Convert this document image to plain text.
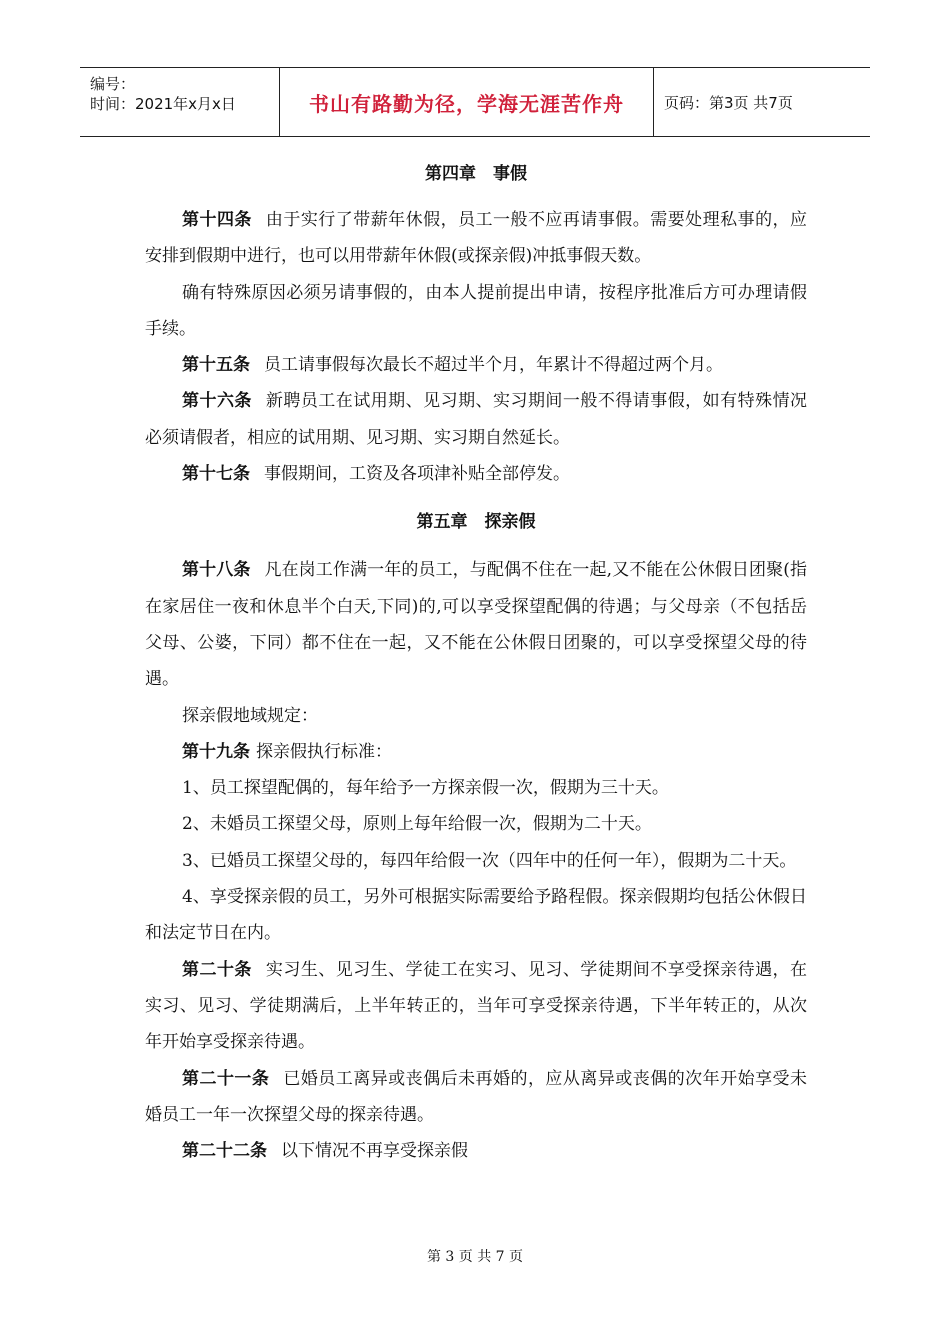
编号：
时间：2021年x月x日	书山有路勤为径，学海无涯苦作舟	页码：第3页 共7页
第四章　事假

第十四条 由于实行了带薪年休假，员工一般不应再请事假。需要处理私事的，应安排到假期中进行，也可以用带薪年休假(或探亲假)冲抵事假天数。

确有特殊原因必须另请事假的，由本人提前提出申请，按程序批准后方可办理请假手续。

第十五条 员工请事假每次最长不超过半个月，年累计不得超过两个月。

第十六条 新聘员工在试用期、见习期、实习期间一般不得请事假，如有特殊情况必须请假者，相应的试用期、见习期、实习期自然延长。

第十七条 事假期间，工资及各项津补贴全部停发。

第五章　探亲假

第十八条 凡在岗工作满一年的员工，与配偶不住在一起,又不能在公休假日团聚(指在家居住一夜和休息半个白天,下同)的,可以享受探望配偶的待遇；与父母亲（不包括岳父母、公婆，下同）都不住在一起，又不能在公休假日团聚的，可以享受探望父母的待遇。

探亲假地域规定：

第十九条 探亲假执行标准：

1、员工探望配偶的，每年给予一方探亲假一次，假期为三十天。

2、未婚员工探望父母，原则上每年给假一次，假期为二十天。

3、已婚员工探望父母的，每四年给假一次（四年中的任何一年），假期为二十天。

4、享受探亲假的员工，另外可根据实际需要给予路程假。探亲假期均包括公休假日和法定节日在内。

第二十条 实习生、见习生、学徒工在实习、见习、学徒期间不享受探亲待遇，在实习、见习、学徒期满后，上半年转正的，当年可享受探亲待遇，下半年转正的，从次年开始享受探亲待遇。

第二十一条 已婚员工离异或丧偶后未再婚的，应从离异或丧偶的次年开始享受未婚员工一年一次探望父母的探亲待遇。

第二十二条 以下情况不再享受探亲假

第 3 页 共 7 页
